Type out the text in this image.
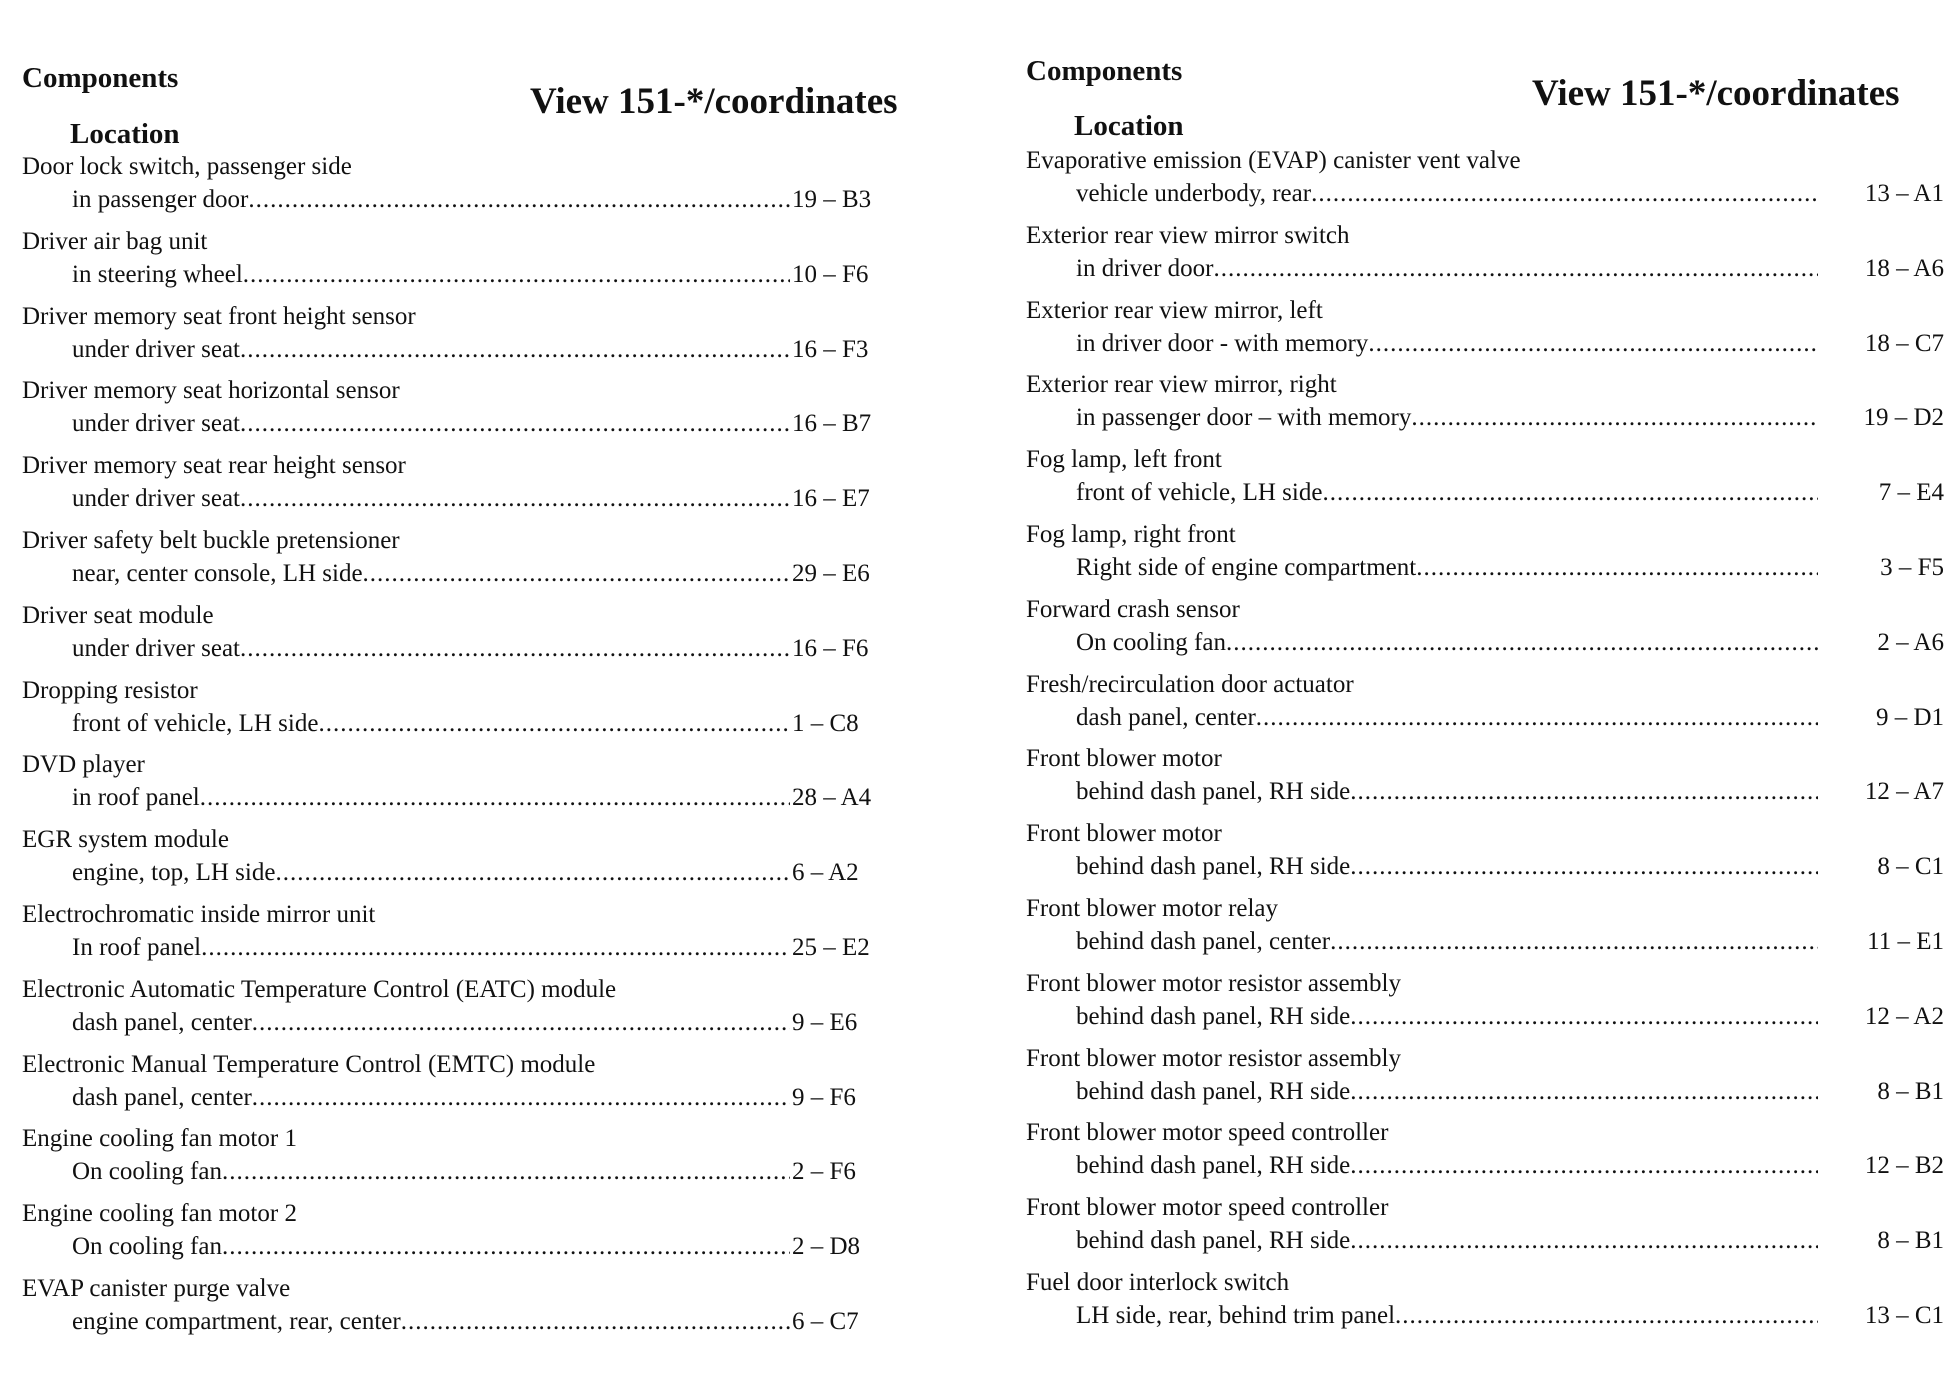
Components
Location
View 151-*/coordinates
Door lock switch, passenger side
in passenger door .....	19 – B3
Driver air bag unit
in steering wheel .....	10 – F6
Driver memory seat front height sensor
under driver seat .....	16 – F3
Driver memory seat horizontal sensor
under driver seat .....	16 – B7
Driver memory seat rear height sensor
under driver seat .....	16 – E7
Driver safety belt buckle pretensioner
near, center console, LH side .....	29 – E6
Driver seat module
under driver seat .....	16 – F6
Dropping resistor
front of vehicle, LH side .....	1 – C8
DVD player
in roof panel .....	28 – A4
EGR system module
engine, top, LH side .....	6 – A2
Electrochromatic inside mirror unit
In roof panel .....	25 – E2
Electronic Automatic Temperature Control (EATC) module
dash panel, center .....	9 – E6
Electronic Manual Temperature Control (EMTC) module
dash panel, center .....	9 – F6
Engine cooling fan motor 1
On cooling fan .....	2 – F6
Engine cooling fan motor 2
On cooling fan .....	2 – D8
EVAP canister purge valve
engine compartment, rear, center .....	6 – C7
Components
Location
View 151-*/coordinates
Evaporative emission (EVAP) canister vent valve
vehicle underbody, rear .....	13 – A1
Exterior rear view mirror switch
in driver door .....	18 – A6
Exterior rear view mirror, left
in driver door - with memory .....	18 – C7
Exterior rear view mirror, right
in passenger door – with memory .....	19 – D2
Fog lamp, left front
front of vehicle, LH side .....	7 – E4
Fog lamp, right front
Right side of engine compartment .....	3 – F5
Forward crash sensor
On cooling fan .....	2 – A6
Fresh/recirculation door actuator
dash panel, center .....	9 – D1
Front blower motor
behind dash panel, RH side .....	12 – A7
Front blower motor
behind dash panel, RH side .....	8 – C1
Front blower motor relay
behind dash panel, center .....	11 – E1
Front blower motor resistor assembly
behind dash panel, RH side .....	12 – A2
Front blower motor resistor assembly
behind dash panel, RH side .....	8 – B1
Front blower motor speed controller
behind dash panel, RH side .....	12 – B2
Front blower motor speed controller
behind dash panel, RH side .....	8 – B1
Fuel door interlock switch
LH side, rear, behind trim panel .....	13 – C1
